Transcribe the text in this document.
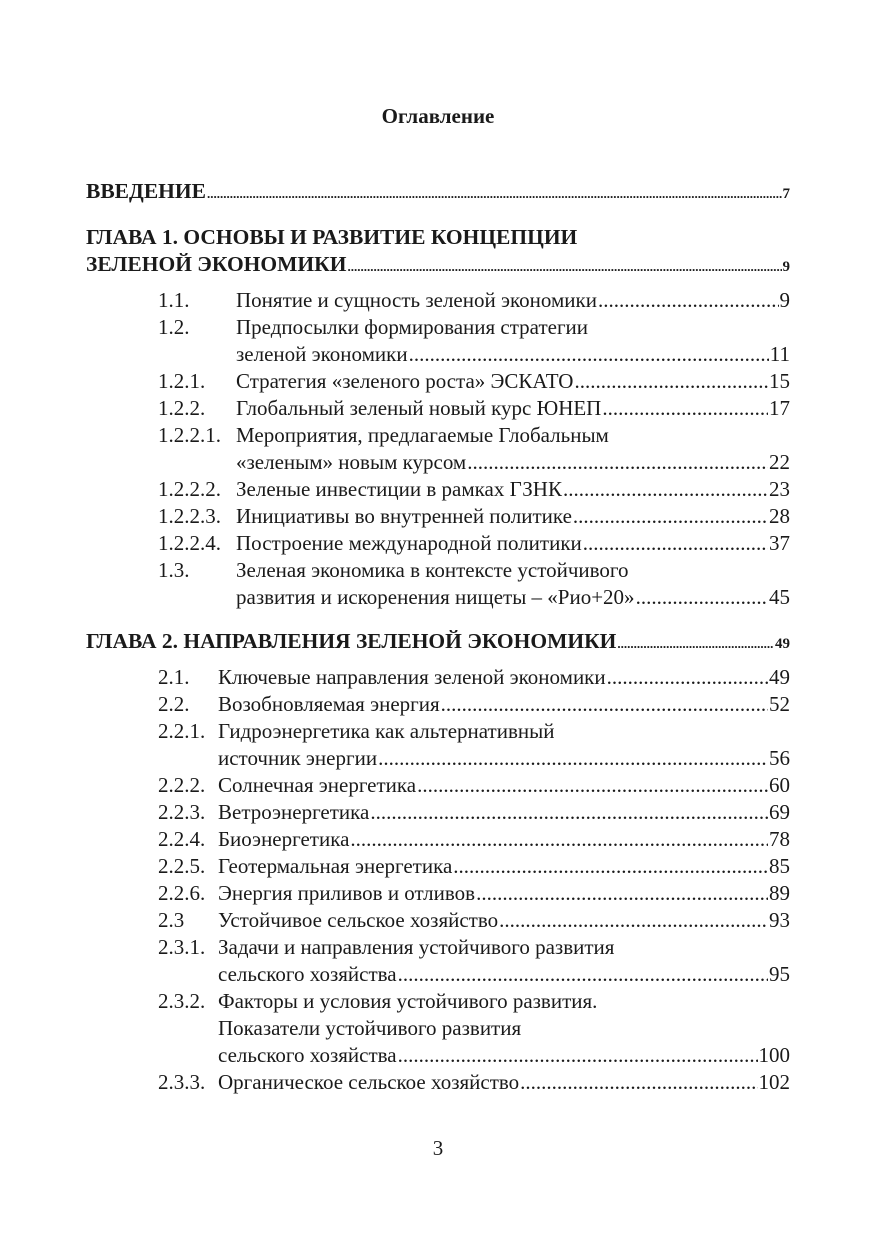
Оглавление
ВВЕДЕНИЕ .....	7
ГЛАВА 1. ОСНОВЫ И РАЗВИТИЕ КОНЦЕПЦИИ
ЗЕЛЕНОЙ ЭКОНОМИКИ .....	9
1.1. Понятие и сущность зеленой экономики .....	9
1.2. Предпосылки формирования стратегии
зеленой экономики .....	11
1.2.1. Стратегия «зеленого роста» ЭСКАТО .....	15
1.2.2. Глобальный зеленый новый курс ЮНЕП .....	17
1.2.2.1. Мероприятия, предлагаемые Глобальным
«зеленым» новым курсом .....	22
1.2.2.2. Зеленые инвестиции в рамках ГЗНК .....	23
1.2.2.3. Инициативы во внутренней политике .....	28
1.2.2.4. Построение международной политики .....	37
1.3. Зеленая экономика в контексте устойчивого
развития и искоренения нищеты – «Рио+20» .....	45
ГЛАВА 2. НАПРАВЛЕНИЯ ЗЕЛЕНОЙ ЭКОНОМИКИ .....	49
2.1. Ключевые направления зеленой экономики .....	49
2.2. Возобновляемая энергия .....	52
2.2.1. Гидроэнергетика как альтернативный
источник энергии .....	56
2.2.2. Солнечная энергетика .....	60
2.2.3. Ветроэнергетика .....	69
2.2.4. Биоэнергетика .....	78
2.2.5. Геотермальная энергетика .....	85
2.2.6. Энергия приливов и отливов .....	89
2.3 Устойчивое сельское хозяйство .....	93
2.3.1. Задачи и направления устойчивого развития
сельского хозяйства .....	95
2.3.2. Факторы и условия устойчивого развития.
Показатели устойчивого развития
сельского хозяйства .....	100
2.3.3. Органическое сельское хозяйство .....	102
3
